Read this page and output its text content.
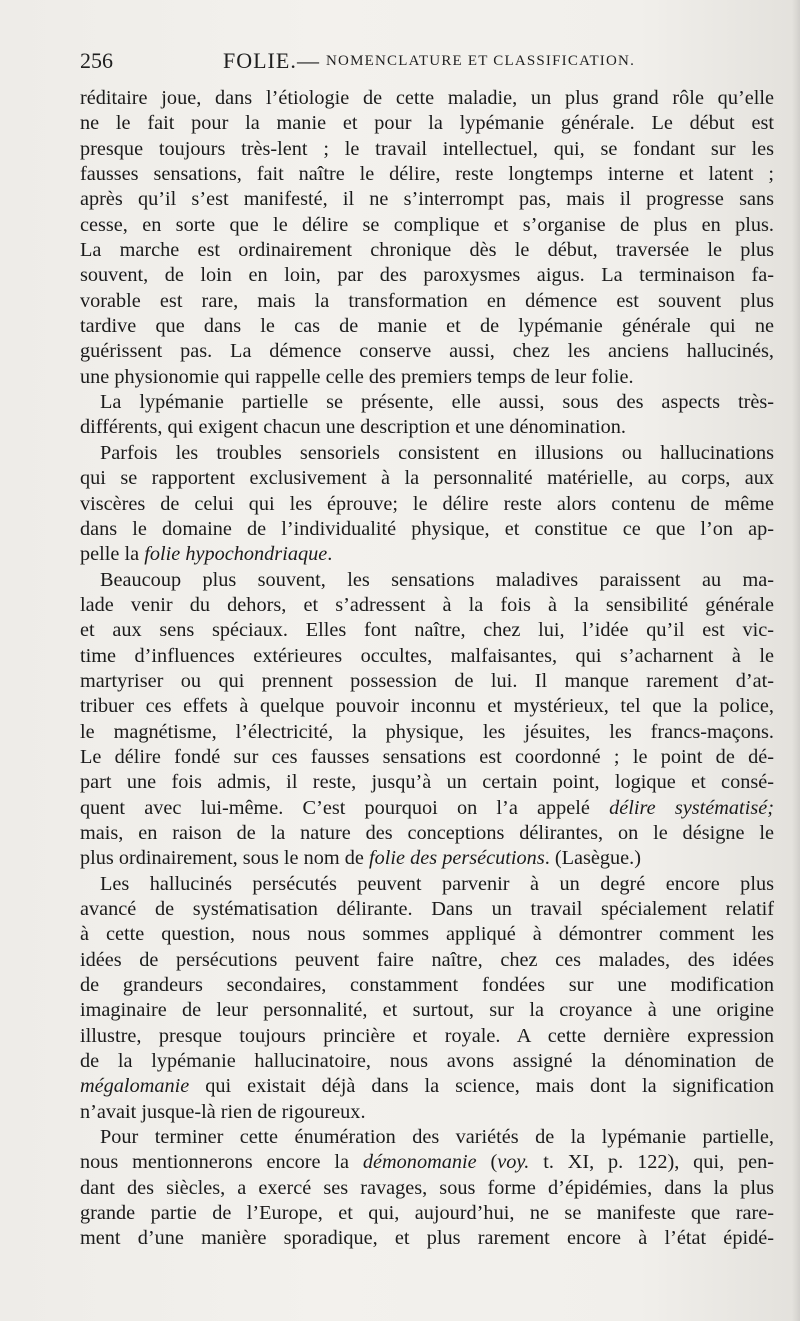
256	FOLIE. — NOMENCLATURE ET CLASSIFICATION.
réditaire joue, dans l’étiologie de cette maladie, un plus grand rôle qu’elle
ne le fait pour la manie et pour la lypémanie générale. Le début est
presque toujours très-lent ; le travail intellectuel, qui, se fondant sur les
fausses sensations, fait naître le délire, reste longtemps interne et latent ;
après qu’il s’est manifesté, il ne s’interrompt pas, mais il progresse sans
cesse, en sorte que le délire se complique et s’organise de plus en plus.
La marche est ordinairement chronique dès le début, traversée le plus
souvent, de loin en loin, par des paroxysmes aigus. La terminaison fa-
vorable est rare, mais la transformation en démence est souvent plus
tardive que dans le cas de manie et de lypémanie générale qui ne
guérissent pas. La démence conserve aussi, chez les anciens hallucinés,
une physionomie qui rappelle celle des premiers temps de leur folie.
La lypémanie partielle se présente, elle aussi, sous des aspects très-
différents, qui exigent chacun une description et une dénomination.
Parfois les troubles sensoriels consistent en illusions ou hallucinations
qui se rapportent exclusivement à la personnalité matérielle, au corps, aux
viscères de celui qui les éprouve; le délire reste alors contenu de même
dans le domaine de l’individualité physique, et constitue ce que l’on ap-
pelle la folie hypochondriaque.
Beaucoup plus souvent, les sensations maladives paraissent au ma-
lade venir du dehors, et s’adressent à la fois à la sensibilité générale
et aux sens spéciaux. Elles font naître, chez lui, l’idée qu’il est vic-
time d’influences extérieures occultes, malfaisantes, qui s’acharnent à le
martyriser ou qui prennent possession de lui. Il manque rarement d’at-
tribuer ces effets à quelque pouvoir inconnu et mystérieux, tel que la police,
le magnétisme, l’électricité, la physique, les jésuites, les francs-maçons.
Le délire fondé sur ces fausses sensations est coordonné ; le point de dé-
part une fois admis, il reste, jusqu’à un certain point, logique et consé-
quent avec lui-même. C’est pourquoi on l’a appelé délire systématisé;
mais, en raison de la nature des conceptions délirantes, on le désigne le
plus ordinairement, sous le nom de folie des persécutions. (Lasègue.)
Les hallucinés persécutés peuvent parvenir à un degré encore plus
avancé de systématisation délirante. Dans un travail spécialement relatif
à cette question, nous nous sommes appliqué à démontrer comment les
idées de persécutions peuvent faire naître, chez ces malades, des idées
de grandeurs secondaires, constamment fondées sur une modification
imaginaire de leur personnalité, et surtout, sur la croyance à une origine
illustre, presque toujours princière et royale. A cette dernière expression
de la lypémanie hallucinatoire, nous avons assigné la dénomination de
mégalomanie qui existait déjà dans la science, mais dont la signification
n’avait jusque-là rien de rigoureux.
Pour terminer cette énumération des variétés de la lypémanie partielle,
nous mentionnerons encore la démonomanie (voy. t. XI, p. 122), qui, pen-
dant des siècles, a exercé ses ravages, sous forme d’épidémies, dans la plus
grande partie de l’Europe, et qui, aujourd’hui, ne se manifeste que rare-
ment d’une manière sporadique, et plus rarement encore à l’état épidé-
